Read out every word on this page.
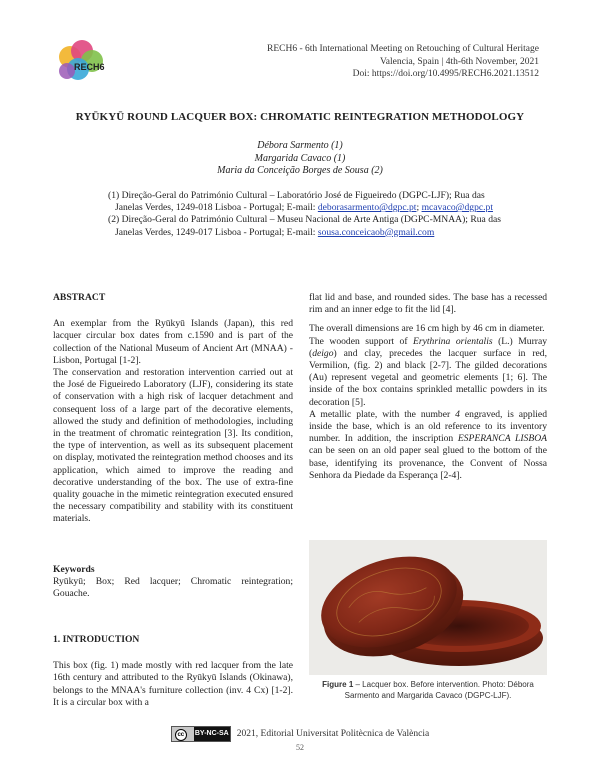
RECH6
RECH6 - 6th International Meeting on Retouching of Cultural Heritage
Valencia, Spain | 4th-6th November, 2021
Doi: https://doi.org/10.4995/RECH6.2021.13512
RYŪKYŪ ROUND LACQUER BOX: CHROMATIC REINTEGRATION METHODOLOGY
Débora Sarmento (1)
Margarida Cavaco (1)
Maria da Conceição Borges de Sousa (2)

(1) Direção-Geral do Património Cultural – Laboratório José de Figueiredo (DGPC-LJF); Rua das Janelas Verdes, 1249-018 Lisboa - Portugal; E-mail: deborasarmento@dgpc.pt; mcavaco@dgpc.pt

(2) Direção-Geral do Património Cultural – Museu Nacional de Arte Antiga (DGPC-MNAA); Rua das Janelas Verdes, 1249-017 Lisboa - Portugal; E-mail: sousa.conceicaob@gmail.com

ABSTRACT

An exemplar from the Ryūkyū Islands (Japan), this red lacquer circular box dates from c.1590 and is part of the collection of the National Museum of Ancient Art (MNAA) - Lisbon, Portugal [1-2].

The conservation and restoration intervention carried out at the José de Figueiredo Laboratory (LJF), considering its state of conservation with a high risk of lacquer detachment and consequent loss of a large part of the decorative elements, allowed the study and definition of methodologies, including in the treatment of chromatic reintegration [3]. Its condition, the type of intervention, as well as its subsequent placement on display, motivated the reintegration method chooses and its application, which aimed to improve the reading and decorative understanding of the box. The use of extra-fine quality gouache in the mimetic reintegration executed ensured the necessary compatibility and stability with its constituent materials.

Keywords

Ryūkyū; Box; Red lacquer; Chromatic reintegration; Gouache.

1. INTRODUCTION

This box (fig. 1) made mostly with red lacquer from the late 16th century and attributed to the Ryūkyū Islands (Okinawa), belongs to the MNAA's furniture collection (inv. 4 Cx) [1-2]. It is a circular box with a

flat lid and base, and rounded sides. The base has a recessed rim and an inner edge to fit the lid [4].

The overall dimensions are 16 cm high by 46 cm in diameter.

The wooden support of Erythrina orientalis (L.) Murray (deigo) and clay, precedes the lacquer surface in red, Vermilion, (fig. 2) and black [2-7]. The gilded decorations (Au) represent vegetal and geometric elements [1; 6]. The inside of the box contains sprinkled metallic powders in its decoration [5].

A metallic plate, with the number 4 engraved, is applied inside the base, which is an old reference to its inventory number. In addition, the inscription ESPERANCA LISBOA can be seen on an old paper seal glued to the bottom of the base, identifying its provenance, the Convent of Nossa Senhora da Piedade da Esperança [2-4].

Figure 1 – Lacquer box. Before intervention. Photo: Débora Sarmento and Margarida Cavaco (DGPC-LJF).
cc	BY-NC-SA 2021, Editorial Universitat Politècnica de València
52
